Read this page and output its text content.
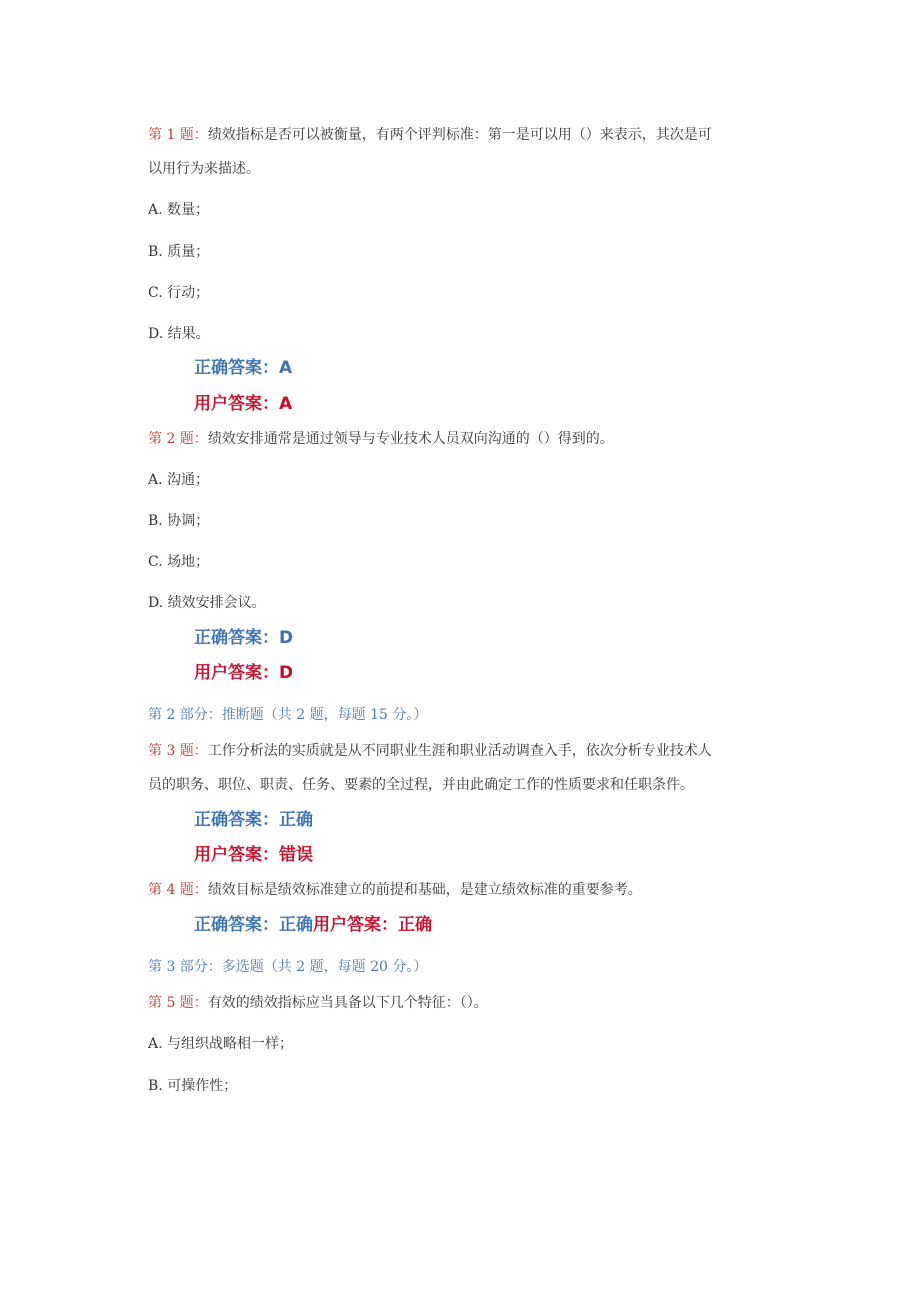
第 1 题：绩效指标是否可以被衡量，有两个评判标准：第一是可以用（）来表示，其次是可
以用行为来描述。
A. 数量；
B. 质量；
C. 行动；
D. 结果。
正确答案：A
用户答案：A
第 2 题：绩效安排通常是通过领导与专业技术人员双向沟通的（）得到的。
A. 沟通；
B. 协调；
C. 场地；
D. 绩效安排会议。
正确答案：D
用户答案：D
第 2 部分：推断题（共 2 题，每题 15 分。）
第 3 题：工作分析法的实质就是从不同职业生涯和职业活动调查入手，依次分析专业技术人
员的职务、职位、职责、任务、要素的全过程，并由此确定工作的性质要求和任职条件。
正确答案：正确
用户答案：错误
第 4 题：绩效目标是绩效标准建立的前提和基础，是建立绩效标准的重要参考。
正确答案：正确用户答案：正确
第 3 部分：多选题（共 2 题，每题 20 分。）
第 5 题：有效的绩效指标应当具备以下几个特征：（）。
A. 与组织战略相一样；
B. 可操作性；
